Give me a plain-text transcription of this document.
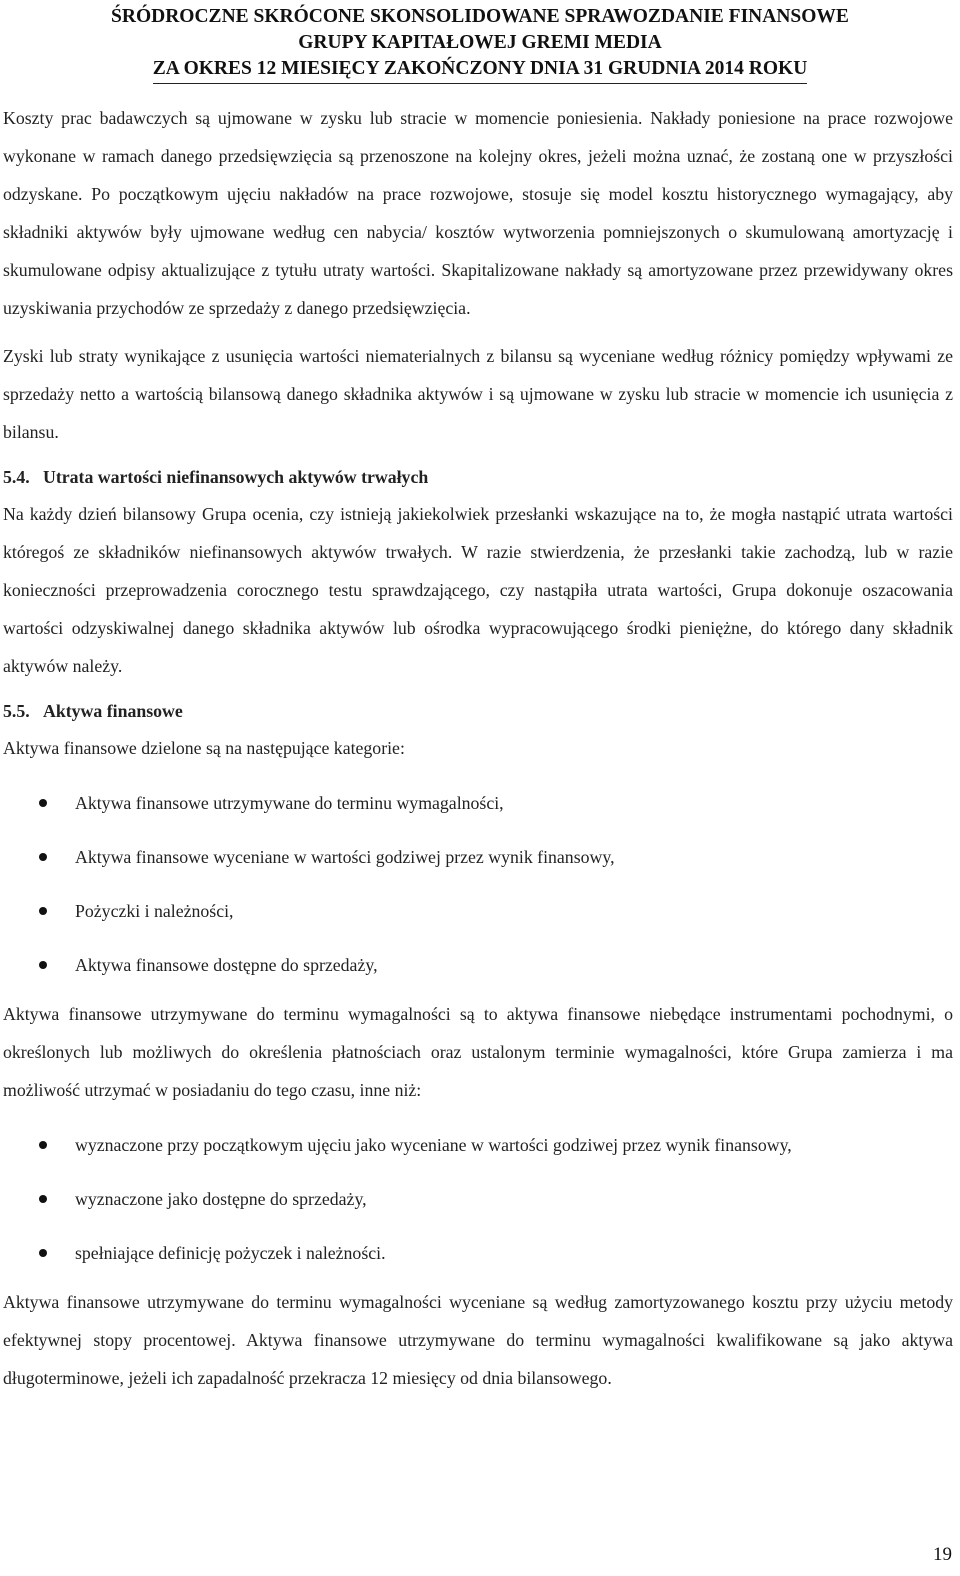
ŚRÓDROCZNE SKRÓCONE SKONSOLIDOWANE SPRAWOZDANIE FINANSOWE
GRUPY KAPITAŁOWEJ GREMI MEDIA
ZA OKRES 12 MIESIĘCY ZAKOŃCZONY DNIA 31 GRUDNIA 2014 ROKU

Koszty prac badawczych są ujmowane w zysku lub stracie w momencie poniesienia. Nakłady poniesione na prace rozwojowe wykonane w ramach danego przedsięwzięcia są przenoszone na kolejny okres, jeżeli można uznać, że zostaną one w przyszłości odzyskane. Po początkowym ujęciu nakładów na prace rozwojowe, stosuje się model kosztu historycznego wymagający, aby składniki aktywów były ujmowane według cen nabycia/ kosztów wytworzenia pomniejszonych o skumulowaną amortyzację i skumulowane odpisy aktualizujące z tytułu utraty wartości. Skapitalizowane nakłady są amortyzowane przez przewidywany okres uzyskiwania przychodów ze sprzedaży z danego przedsięwzięcia.

Zyski lub straty wynikające z usunięcia wartości niematerialnych z bilansu są wyceniane według różnicy pomiędzy wpływami ze sprzedaży netto a wartością bilansową danego składnika aktywów i są ujmowane w zysku lub stracie w momencie ich usunięcia z bilansu.

5.4. Utrata wartości niefinansowych aktywów trwałych

Na każdy dzień bilansowy Grupa ocenia, czy istnieją jakiekolwiek przesłanki wskazujące na to, że mogła nastąpić utrata wartości któregoś ze składników niefinansowych aktywów trwałych. W razie stwierdzenia, że przesłanki takie zachodzą, lub w razie konieczności przeprowadzenia corocznego testu sprawdzającego, czy nastąpiła utrata wartości, Grupa dokonuje oszacowania wartości odzyskiwalnej danego składnika aktywów lub ośrodka wypracowującego środki pieniężne, do którego dany składnik aktywów należy.

5.5. Aktywa finansowe

Aktywa finansowe dzielone są na następujące kategorie:

Aktywa finansowe utrzymywane do terminu wymagalności,
Aktywa finansowe wyceniane w wartości godziwej przez wynik finansowy,
Pożyczki i należności,
Aktywa finansowe dostępne do sprzedaży,

Aktywa finansowe utrzymywane do terminu wymagalności są to aktywa finansowe niebędące instrumentami pochodnymi, o określonych lub możliwych do określenia płatnościach oraz ustalonym terminie wymagalności, które Grupa zamierza i ma możliwość utrzymać w posiadaniu do tego czasu, inne niż:

wyznaczone przy początkowym ujęciu jako wyceniane w wartości godziwej przez wynik finansowy,
wyznaczone jako dostępne do sprzedaży,
spełniające definicję pożyczek i należności.

Aktywa finansowe utrzymywane do terminu wymagalności wyceniane są według zamortyzowanego kosztu przy użyciu metody efektywnej stopy procentowej. Aktywa finansowe utrzymywane do terminu wymagalności kwalifikowane są jako aktywa długoterminowe, jeżeli ich zapadalność przekracza 12 miesięcy od dnia bilansowego.

19
